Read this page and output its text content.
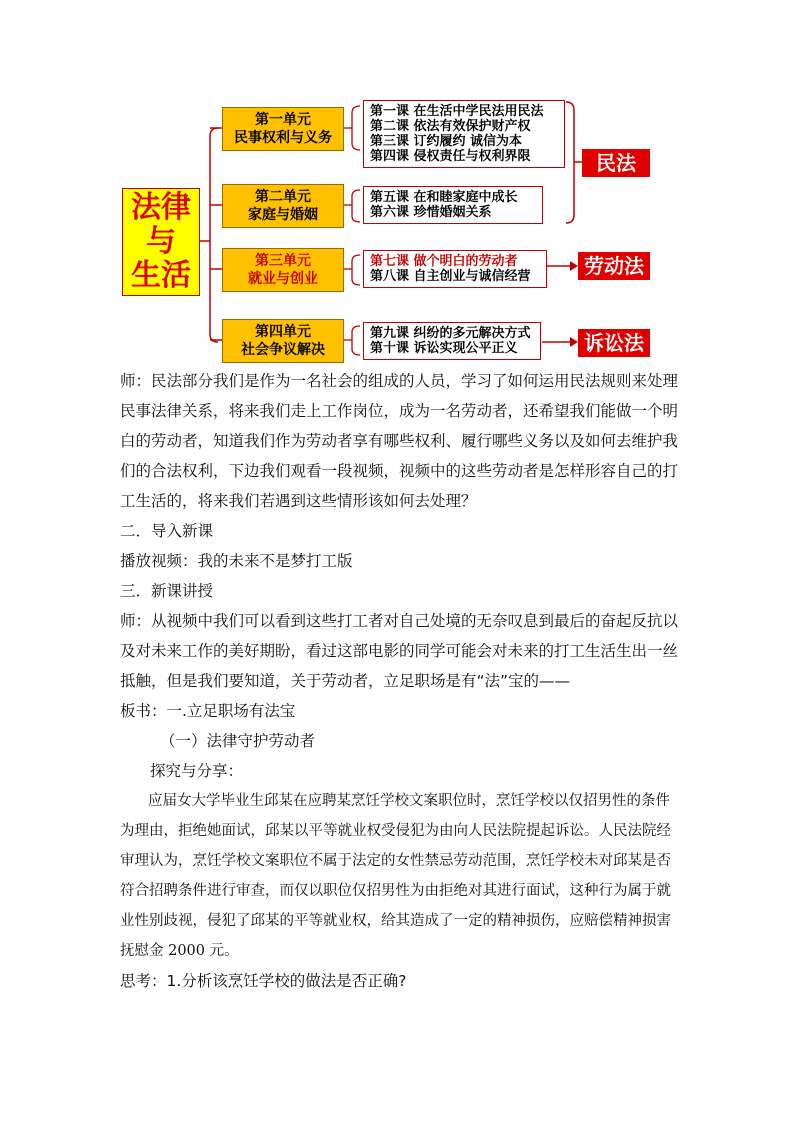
法律
与
生活
第一单元
民事权利与义务
第二单元
家庭与婚姻
第三单元
就业与创业
第四单元
社会争议解决
第一课 在生活中学民法用民法
第二课 依法有效保护财产权
第三课 订约履约 诚信为本
第四课 侵权责任与权利界限
第五课 在和睦家庭中成长
第六课 珍惜婚姻关系
第七课 做个明白的劳动者
第八课 自主创业与诚信经营
第九课 纠纷的多元解决方式
第十课 诉讼实现公平正义
民法
劳动法
诉讼法

师：民法部分我们是作为一名社会的组成的人员，学习了如何运用民法规则来处理民事法律关系，将来我们走上工作岗位，成为一名劳动者，还希望我们能做一个明白的劳动者，知道我们作为劳动者享有哪些权利、履行哪些义务以及如何去维护我们的合法权利，下边我们观看一段视频，视频中的这些劳动者是怎样形容自己的打工生活的，将来我们若遇到这些情形该如何去处理？

二．导入新课

播放视频：我的未来不是梦打工版

三．新课讲授

师：从视频中我们可以看到这些打工者对自己处境的无奈叹息到最后的奋起反抗以及对未来工作的美好期盼，看过这部电影的同学可能会对未来的打工生活生出一丝抵触，但是我们要知道，关于劳动者，立足职场是有“法”宝的——

板书：一.立足职场有法宝

（一）法律守护劳动者

探究与分享：

应届女大学毕业生邱某在应聘某烹饪学校文案职位时，烹饪学校以仅招男性的条件为理由，拒绝她面试，邱某以平等就业权受侵犯为由向人民法院提起诉讼。人民法院经审理认为，烹饪学校文案职位不属于法定的女性禁忌劳动范围，烹饪学校未对邱某是否符合招聘条件进行审查，而仅以职位仅招男性为由拒绝对其进行面试，这种行为属于就业性别歧视，侵犯了邱某的平等就业权，给其造成了一定的精神损伤，应赔偿精神损害抚慰金 2000 元。

思考：1.分析该烹饪学校的做法是否正确?
